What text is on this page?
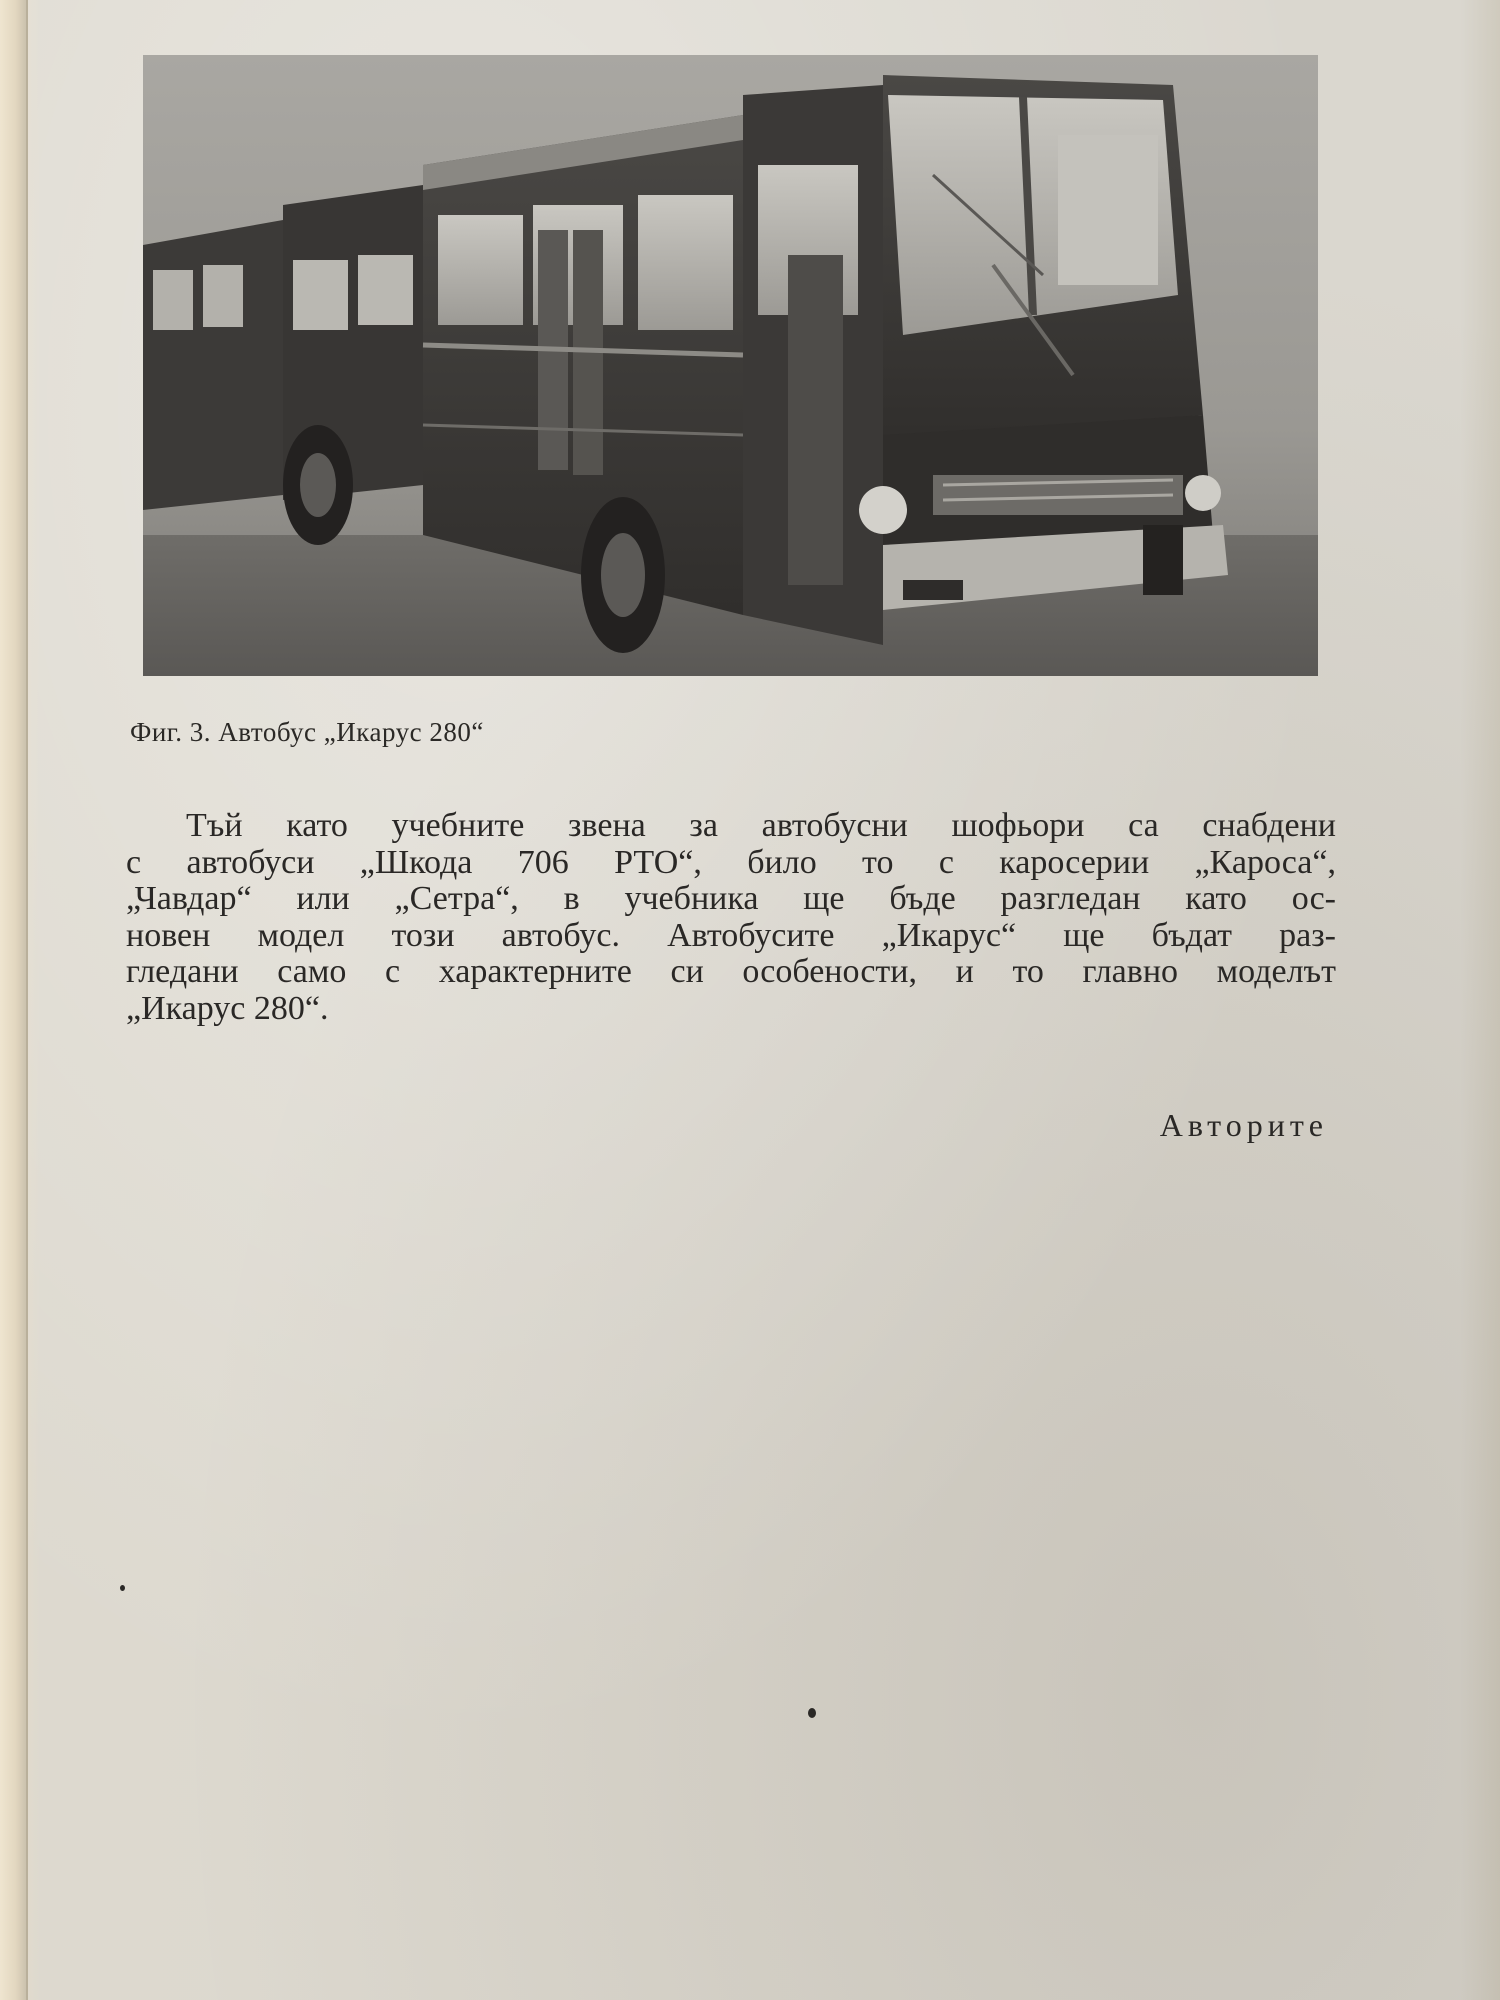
Фиг. 3. Автобус „Икарус 280“
Тъй като учебните звена за автобусни шофьори са снабдени
с автобуси „Шкода 706 РТО“, било то с каросерии „Кароса“,
„Чавдар“ или „Сетра“, в учебника ще бъде разгледан като ос-
новен модел този автобус. Автобусите „Икарус“ ще бъдат раз-
гледани само с характерните си особености, и то главно моделът
„Икарус 280“.
Авторите
